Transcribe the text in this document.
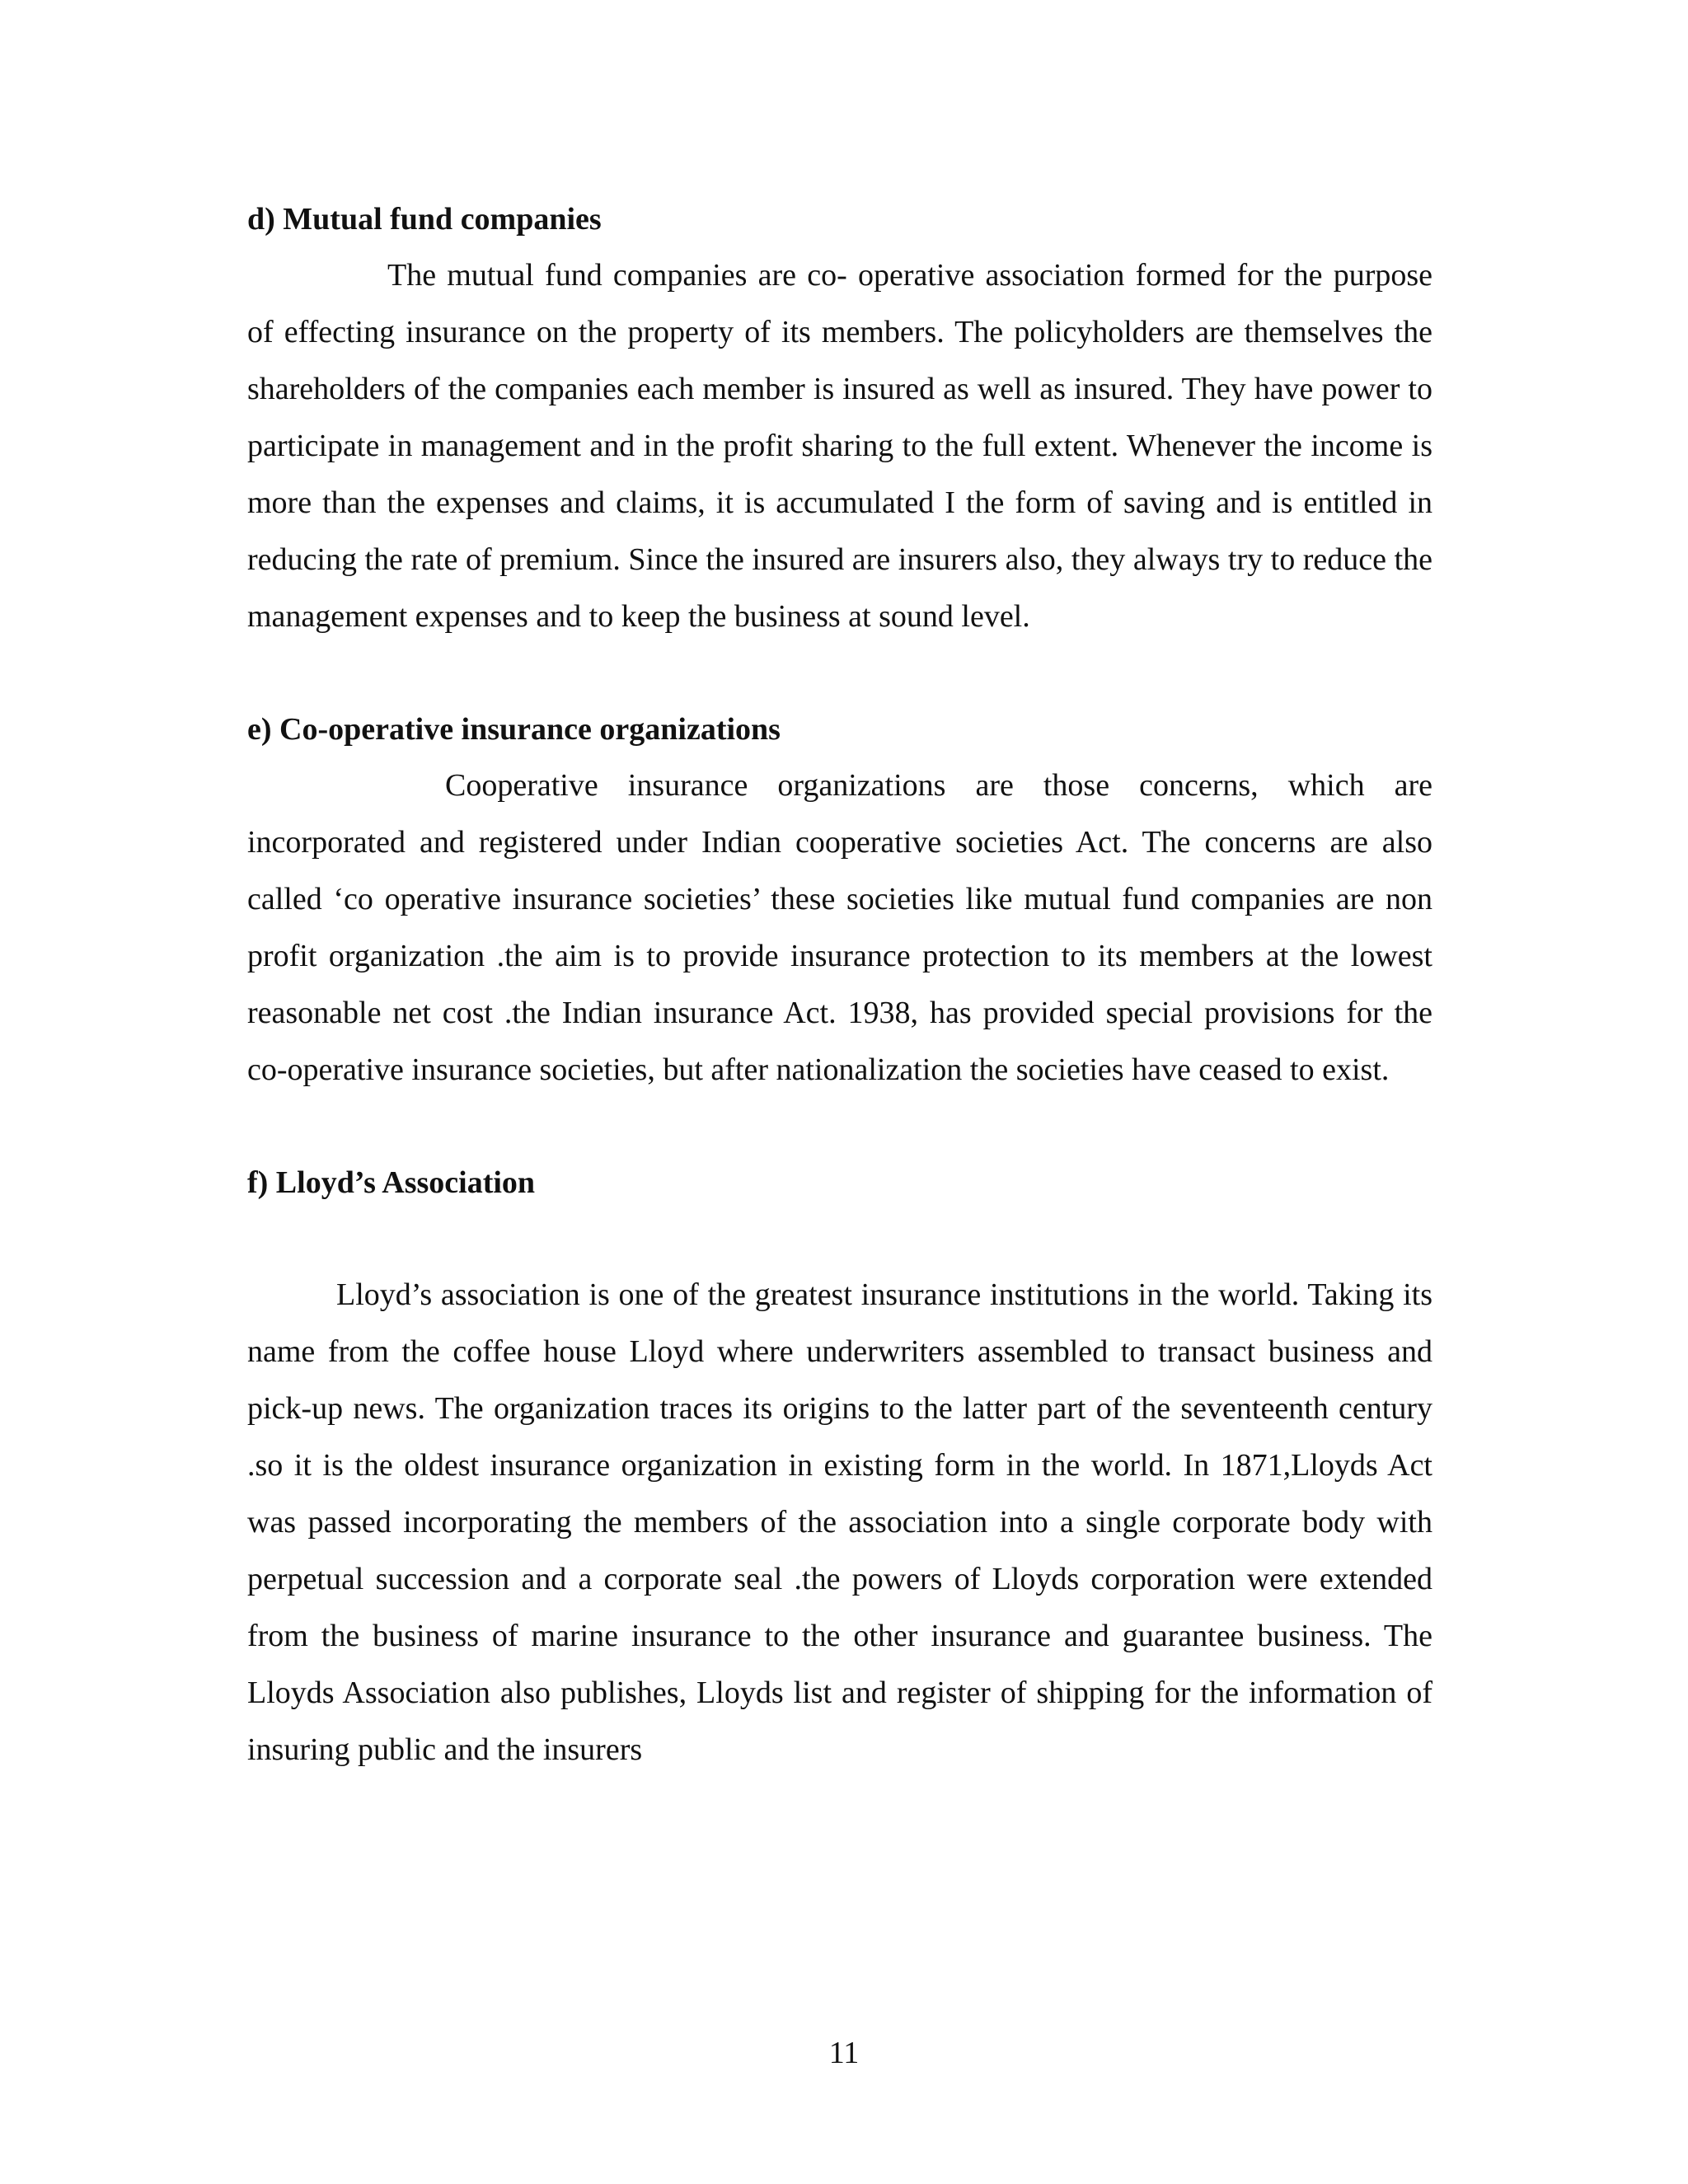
d) Mutual fund companies

The mutual fund companies are co- operative association formed for the purpose of effecting insurance on the property of its members. The policyholders are themselves the shareholders of the companies each member is insured as well as insured. They have power to participate in management and in the profit sharing to the full extent. Whenever the income is more than the expenses and claims, it is accumulated I the form of saving and is entitled in reducing the rate of premium. Since the insured are insurers also, they always try to reduce the management expenses and to keep the business at sound level.

e) Co-operative insurance organizations

Cooperative insurance organizations are those concerns, which are incorporated and registered under Indian cooperative societies Act. The concerns are also called ‘co operative insurance societies’ these societies like mutual fund companies are non profit organization .the aim is to provide insurance protection to its members at the lowest reasonable net cost .the Indian insurance Act. 1938, has provided special provisions for the co-operative insurance societies, but after nationalization the societies have ceased to exist.

f) Lloyd’s Association

Lloyd’s association is one of the greatest insurance institutions in the world. Taking its name from the coffee house Lloyd where underwriters assembled to transact business and pick-up news. The organization traces its origins to the latter part of the seventeenth century .so it is the oldest insurance organization in existing form in the world. In 1871,Lloyds Act was passed incorporating the members of the association into a single corporate body with perpetual succession and a corporate seal .the powers of Lloyds corporation were extended from the business of marine insurance to the other insurance and guarantee business. The Lloyds Association also publishes, Lloyds list and register of shipping for the information of insuring public and the insurers

11
